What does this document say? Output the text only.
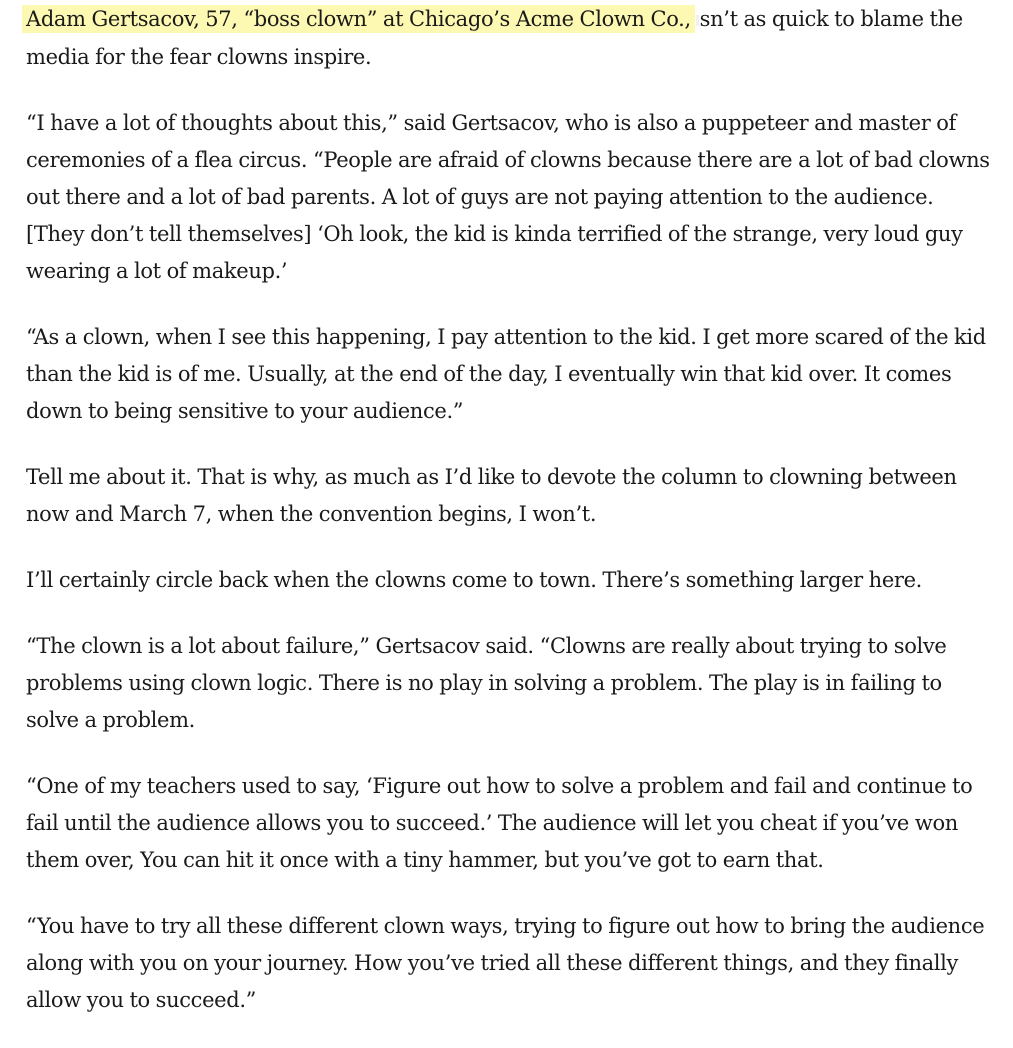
Adam Gertsacov, 57, “boss clown” at Chicago’s Acme Clown Co., isn’t as quick to blame the media for the fear clowns inspire.

“I have a lot of thoughts about this,” said Gertsacov, who is also a puppeteer and master of ceremonies of a flea circus. “People are afraid of clowns because there are a lot of bad clowns out there and a lot of bad parents. A lot of guys are not paying attention to the audience. [They don’t tell themselves] ‘Oh look, the kid is kinda terrified of the strange, very loud guy wearing a lot of makeup.’

“As a clown, when I see this happening, I pay attention to the kid. I get more scared of the kid than the kid is of me. Usually, at the end of the day, I eventually win that kid over. It comes down to being sensitive to your audience.”

Tell me about it. That is why, as much as I’d like to devote the column to clowning between now and March 7, when the convention begins, I won’t.

I’ll certainly circle back when the clowns come to town. There’s something larger here.

“The clown is a lot about failure,” Gertsacov said. “Clowns are really about trying to solve problems using clown logic. There is no play in solving a problem. The play is in failing to solve a problem.

“One of my teachers used to say, ‘Figure out how to solve a problem and fail and continue to fail until the audience allows you to succeed.’ The audience will let you cheat if you’ve won them over, You can hit it once with a tiny hammer, but you’ve got to earn that.

“You have to try all these different clown ways, trying to figure out how to bring the audience along with you on your journey. How you’ve tried all these different things, and they finally allow you to succeed.”
